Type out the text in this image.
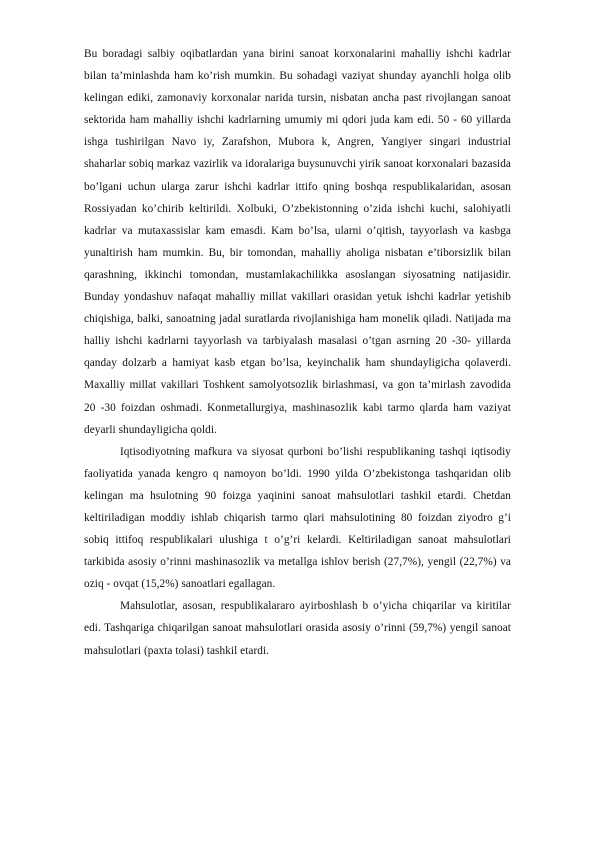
Bu boradagi salbiy oqibatlardan yana birini sanoat korxonalarini mahalliy ishchi kadrlar bilan ta’minlashda ham ko’rish mumkin. Bu sohadagi vaziyat shunday ayanchli holga olib kelingan ediki, zamonaviy korxonalar narida tursin, nisbatan ancha past rivojlangan sanoat sektorida ham mahalliy ishchi kadrlarning umumiy mi qdori juda kam edi. 50 - 60 yillarda ishga tushirilgan Navo iy, Zarafshon, Mubora k, Angren, Yangiyer singari industrial shaharlar sobiq markaz vazirlik va idoralariga buysunuvchi yirik sanoat korxonalari bazasida bo’lgani uchun ularga zarur ishchi kadrlar ittifo qning boshqa respublikalaridan, asosan Rossiyadan ko’chirib keltirildi. Xolbuki, O’zbekistonning o’zida ishchi kuchi, salohiyatli kadrlar va mutaxassislar kam emasdi. Kam bo’lsa, ularni o’qitish, tayyorlash va kasbga yunaltirish ham mumkin. Bu, bir tomondan, mahalliy aholiga nisbatan e’tiborsizlik bilan qarashning, ikkinchi tomondan, mustamlakachilikka asoslangan siyosatning natijasidir. Bunday yondashuv nafaqat mahalliy millat vakillari orasidan yetuk ishchi kadrlar yetishib chiqishiga, balki, sanoatning jadal suratlarda rivojlanishiga ham monelik qiladi. Natijada ma halliy ishchi kadrlarni tayyorlash va tarbiyalash masalasi o’tgan asrning 20 -30- yillarda qanday dolzarb a hamiyat kasb etgan bo’lsa, keyinchalik ham shundayligicha qolaverdi. Maxalliy millat vakillari Toshkent samolyotsozlik birlashmasi, va gon ta’mirlash zavodida 20 -30 foizdan oshmadi. Konmetallurgiya, mashinasozlik kabi tarmo qlarda ham vaziyat deyarli shundayligicha qoldi.

Iqtisodiyotning mafkura va siyosat qurboni bo’lishi respublikaning tashqi iqtisodiy faoliyatida yanada kengro q namoyon bo’ldi. 1990 yilda O’zbekistonga tashqaridan olib kelingan ma hsulotning 90 foizga yaqinini sanoat mahsulotlari tashkil etardi. Chetdan keltiriladigan moddiy ishlab chiqarish tarmo qlari mahsulotining 80 foizdan ziyodro g’i sobiq ittifoq respublikalari ulushiga t o’g’ri kelardi. Keltiriladigan sanoat mahsulotlari tarkibida asosiy o’rinni mashinasozlik va metallga ishlov berish (27,7%), yengil (22,7%) va oziq - ovqat (15,2%) sanoatlari egallagan.

Mahsulotlar, asosan, respublikalararo ayirboshlash b o’yicha chiqarilar va kiritilar edi. Tashqariga chiqarilgan sanoat mahsulotlari orasida asosiy o’rinni (59,7%) yengil sanoat mahsulotlari (paxta tolasi) tashkil etardi.
